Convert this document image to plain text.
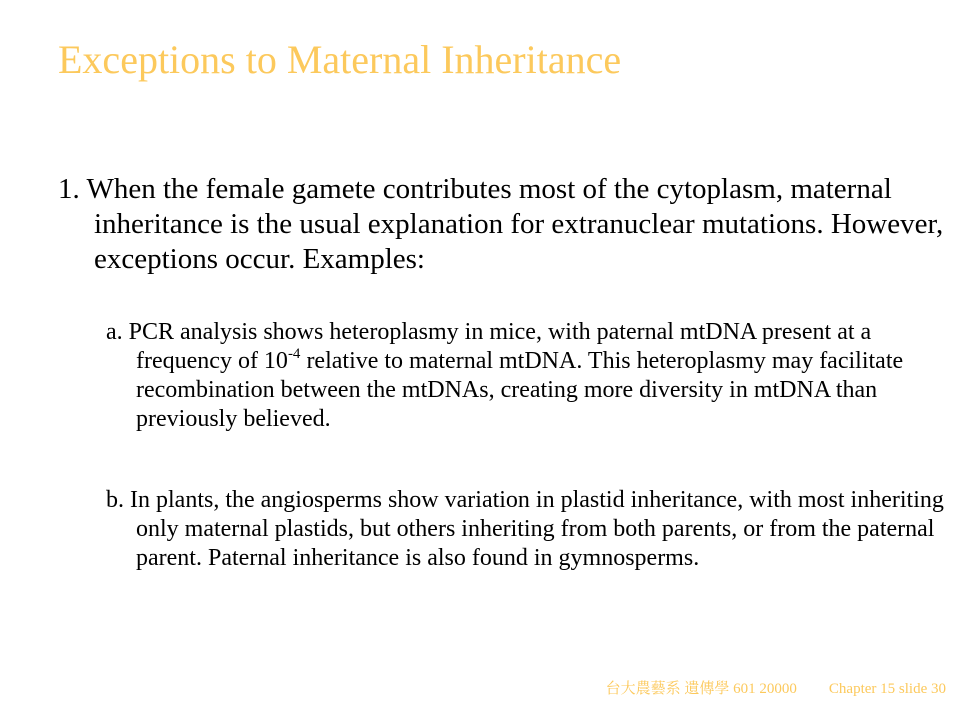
Exceptions to Maternal Inheritance
1. When the female gamete contributes most of the cytoplasm, maternal inheritance is the usual explanation for extranuclear mutations. However, exceptions occur. Examples:
a. PCR analysis shows heteroplasmy in mice, with paternal mtDNA present at a frequency of $10^{-4}$ relative to maternal mtDNA. This heteroplasmy may facilitate recombination between the mtDNAs, creating more diversity in mtDNA than previously believed.
b. In plants, the angiosperms show variation in plastid inheritance, with most inheriting only maternal plastids, but others inheriting from both parents, or from the paternal parent. Paternal inheritance is also found in gymnosperms.
台大農藝系 遺傳學 601 20000 Chapter 15 slide 30
